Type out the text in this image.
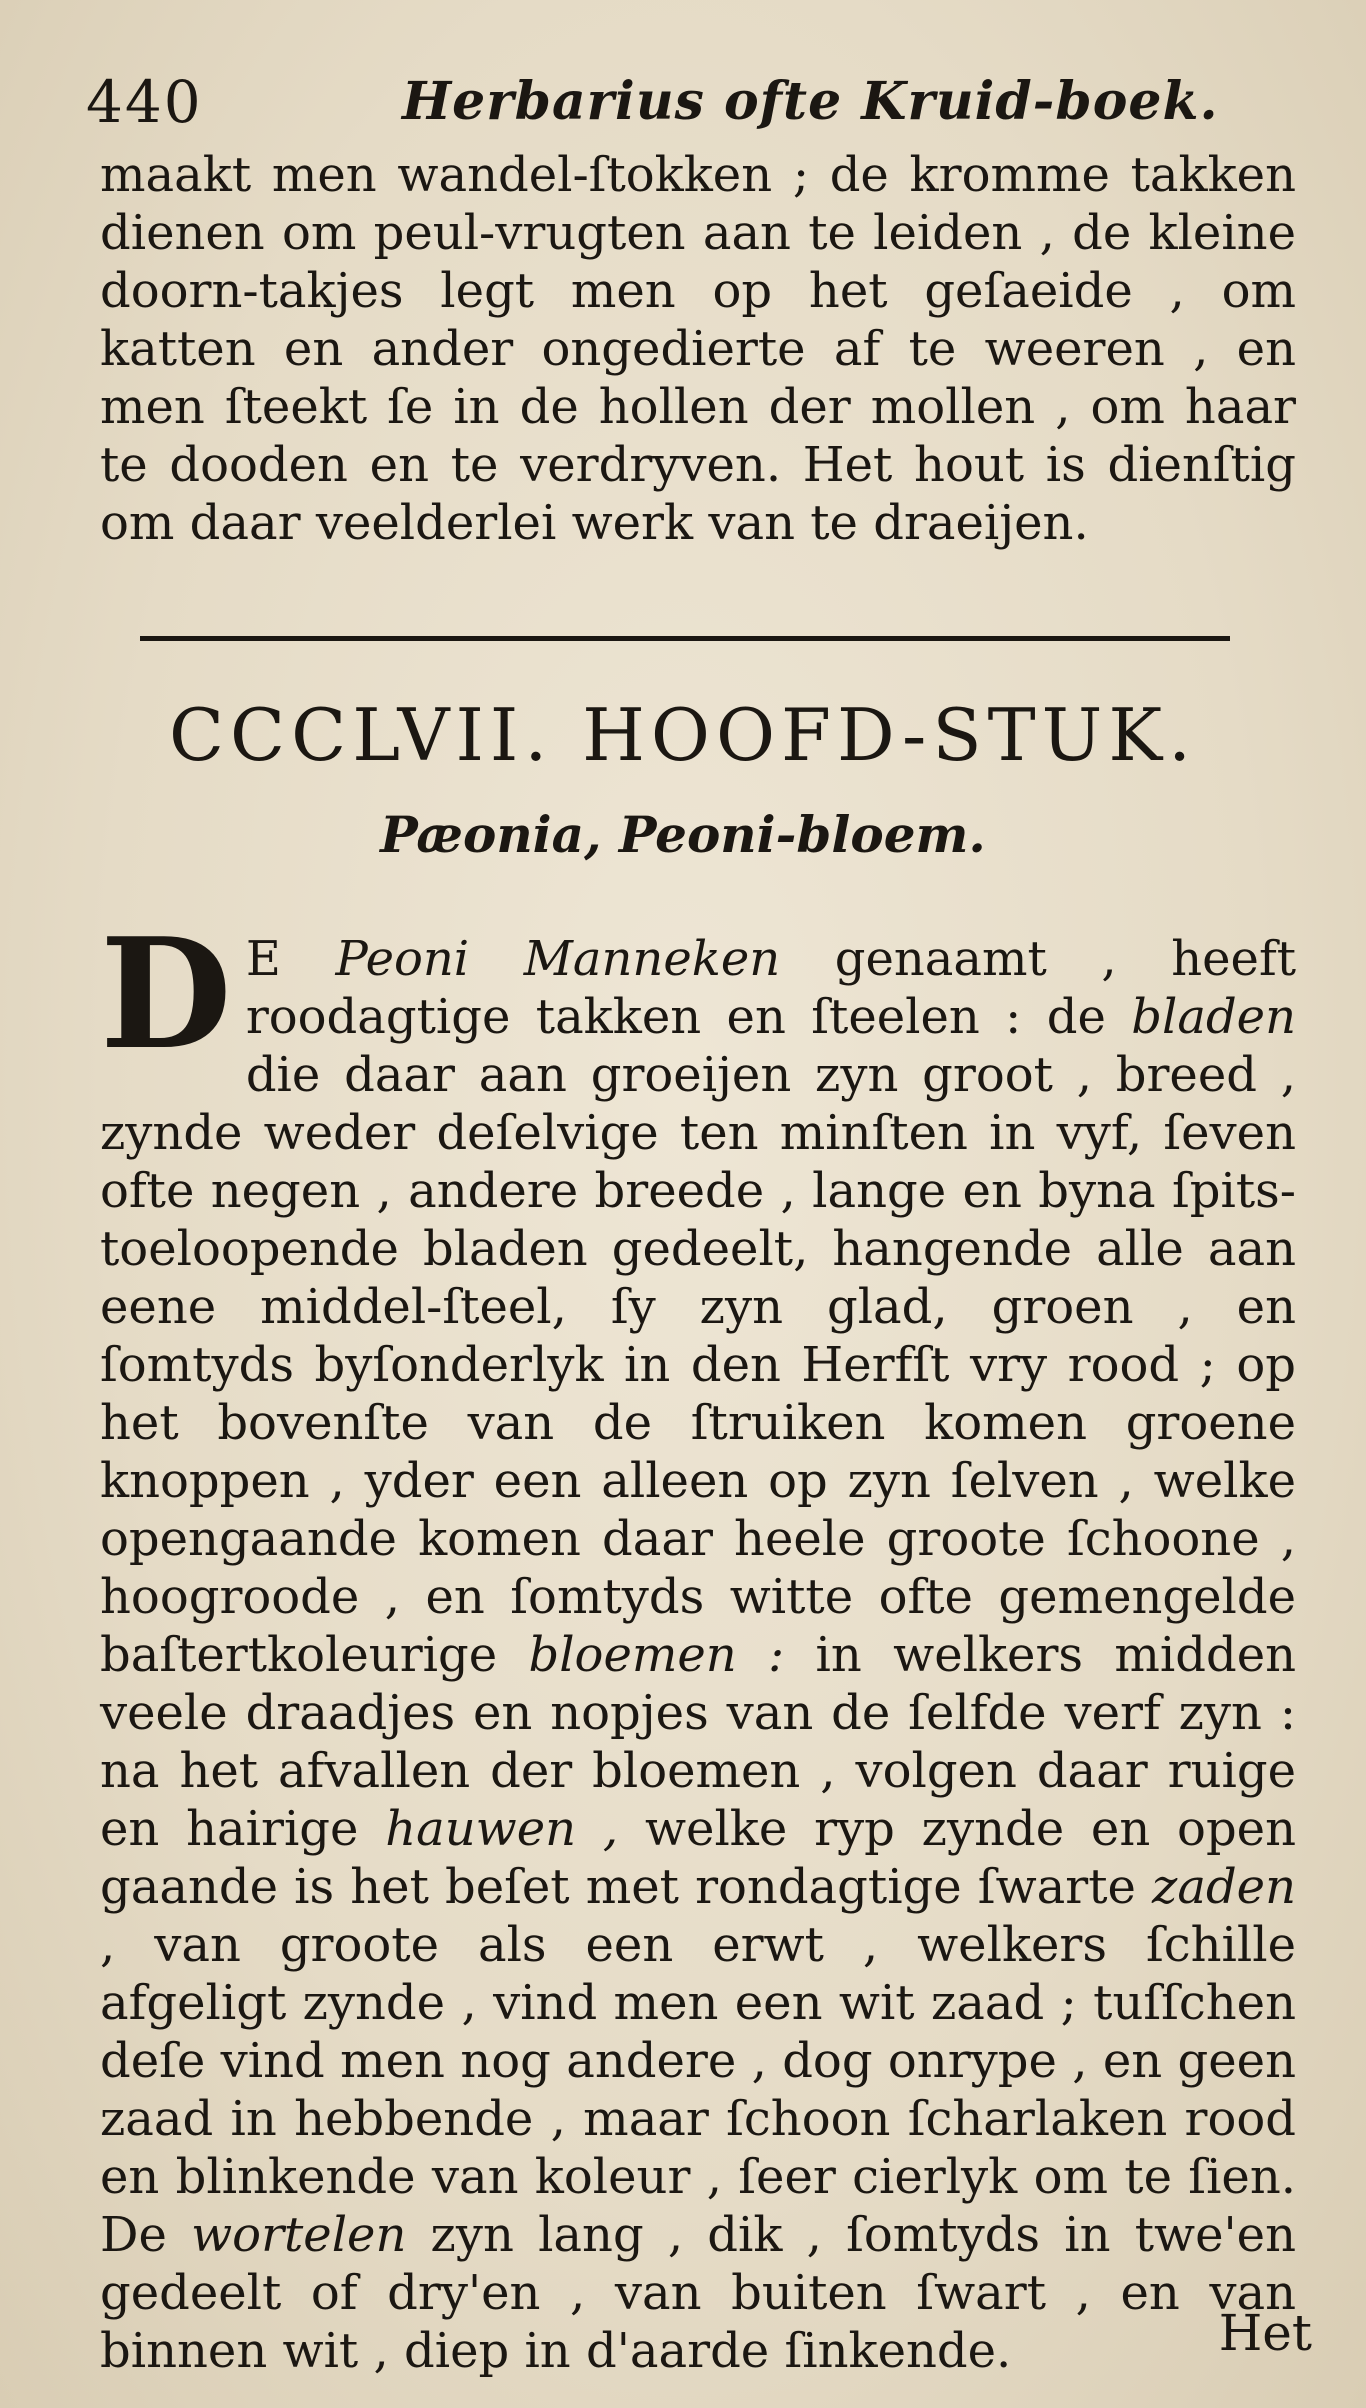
440	Herbarius ofte Kruid-boek.

maakt men wandel-ſtokken ; de kromme takken dienen om peul-vrugten aan te leiden , de kleine doorn-takjes legt men op het geſaeide , om katten en ander ongedierte af te weeren , en men ſteekt ſe in de hollen der mollen , om haar te dooden en te verdryven. Het hout is dienſtig om daar veelderlei werk van te draeijen.

CCCLVII. HOOFD-STUK.
Pæonia, Peoni-bloem.

D E Peoni Manneken genaamt , heeft roodagtige takken en ſteelen : de bladen die daar aan groeijen zyn groot , breed , zynde weder deſelvige ten minſten in vyf, ſeven ofte negen , andere breede , lange en byna ſpits-toeloopende bladen gedeelt, hangende alle aan eene middel-ſteel, ſy zyn glad, groen , en ſomtyds byſonderlyk in den Herfſt vry rood ; op het bovenſte van de ſtruiken komen groene knoppen , yder een alleen op zyn ſelven , welke opengaande komen daar heele groote ſchoone , hoogroode , en ſomtyds witte ofte gemengelde baſtertkoleurige bloemen : in welkers midden veele draadjes en nopjes van de ſelfde verf zyn : na het afvallen der bloemen , volgen daar ruige en hairige hauwen , welke ryp zynde en open gaande is het beſet met rondagtige ſwarte zaden , van groote als een erwt , welkers ſchille afgeligt zynde , vind men een wit zaad ; tuſſchen deſe vind men nog andere , dog onrype , en geen zaad in hebbende , maar ſchoon ſcharlaken rood en blinkende van koleur , ſeer cierlyk om te ſien. De wortelen zyn lang , dik , ſomtyds in twe'en gedeelt of dry'en , van buiten ſwart , en van binnen wit , diep in d'aarde ſinkende.	Het
